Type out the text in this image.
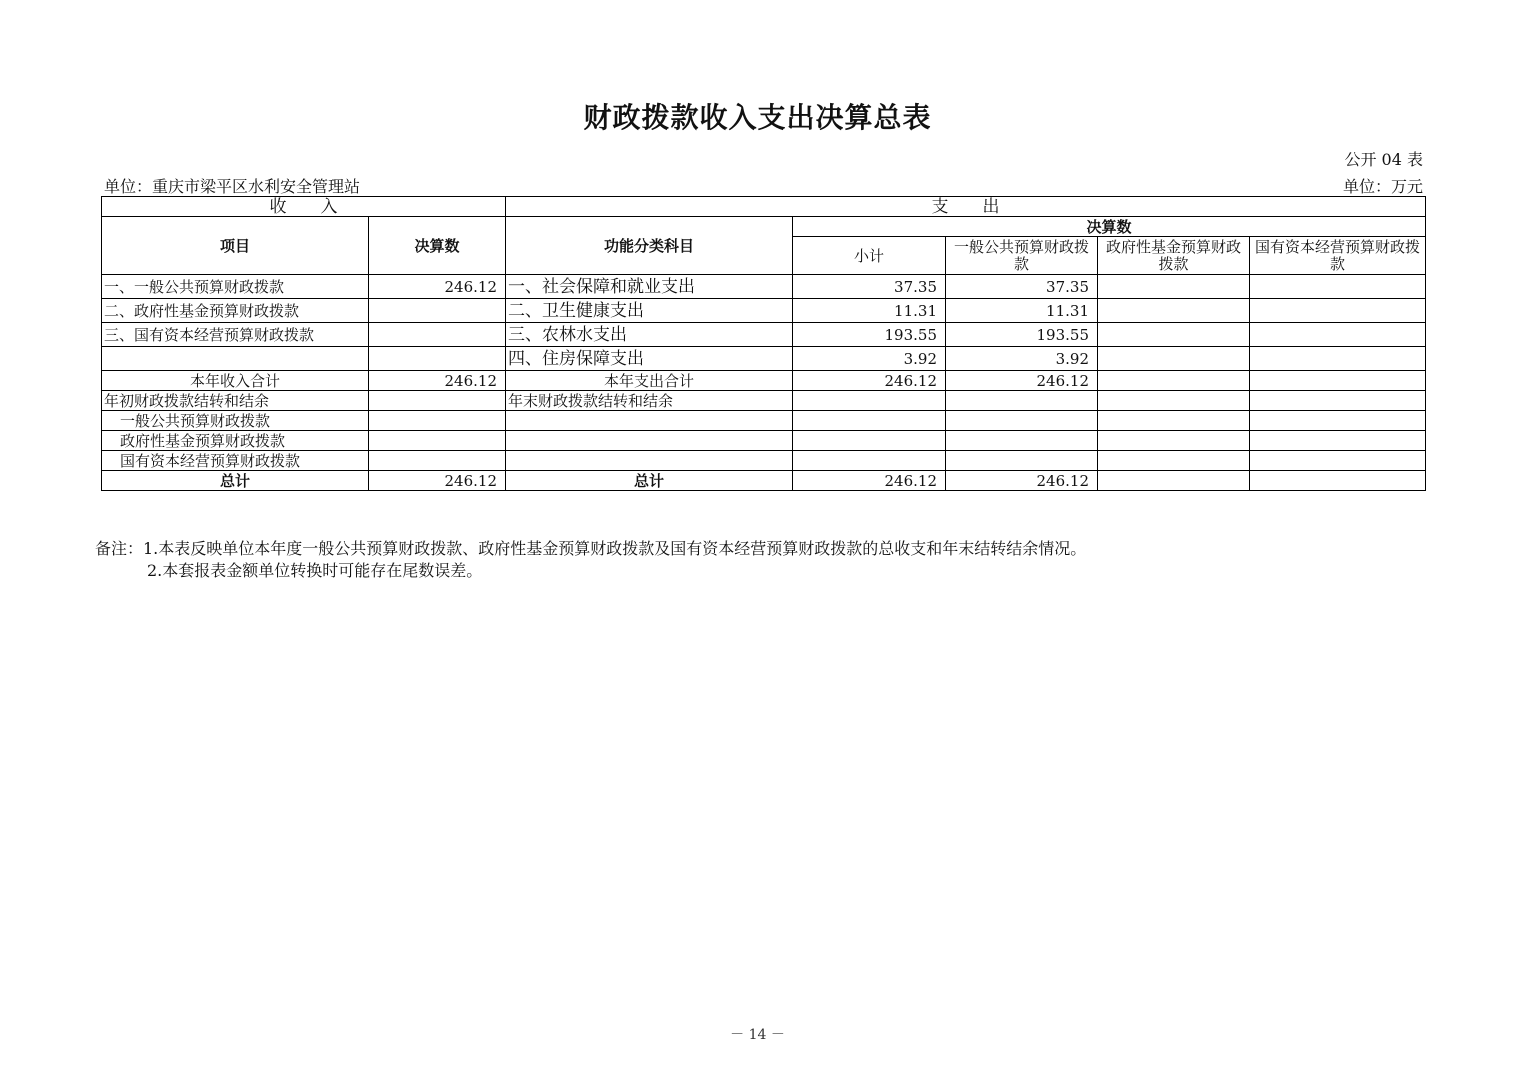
财政拨款收入支出决算总表
公开 04 表
单位：重庆市梁平区水利安全管理站	单位：万元
收　　入		支　　出				
项目	决算数	功能分类科目	决算数			
			小计	一般公共预算财政拨款	政府性基金预算财政拨款	国有资本经营预算财政拨款
一、一般公共预算财政拨款	246.12	一、社会保障和就业支出	37.35	37.35		
二、政府性基金预算财政拨款		二、卫生健康支出	11.31	11.31		
三、国有资本经营预算财政拨款		三、农林水支出	193.55	193.55		
		四、住房保障支出	3.92	3.92		
本年收入合计	246.12	本年支出合计	246.12	246.12		
年初财政拨款结转和结余		年末财政拨款结转和结余				
一般公共预算财政拨款						
政府性基金预算财政拨款						
国有资本经营预算财政拨款						
总计	246.12	总计	246.12	246.12		
备注：1.本表反映单位本年度一般公共预算财政拨款、政府性基金预算财政拨款及国有资本经营预算财政拨款的总收支和年末结转结余情况。
2.本套报表金额单位转换时可能存在尾数误差。
－ 14 －
